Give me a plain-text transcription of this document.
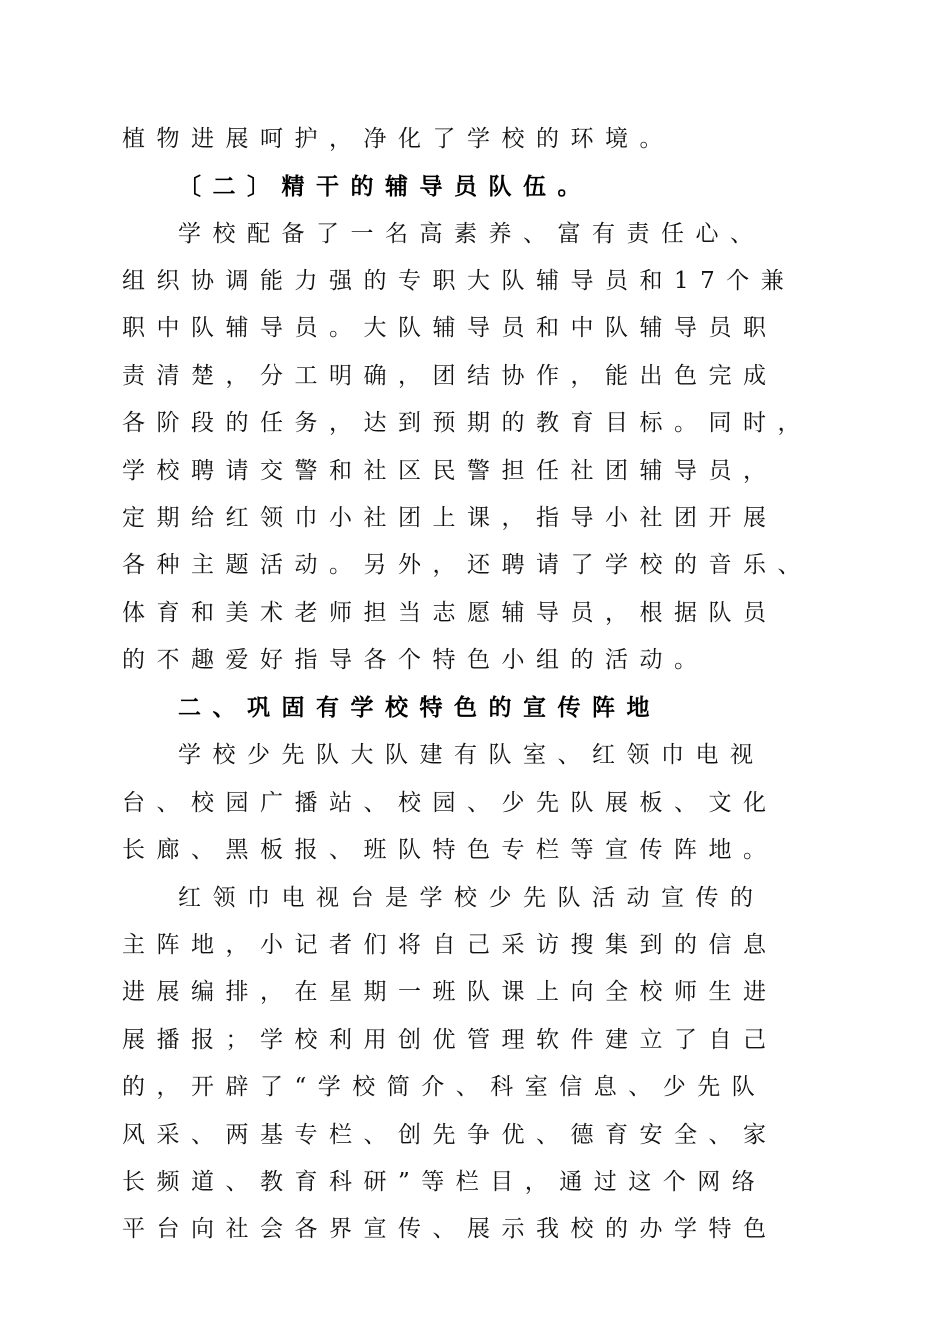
植物进展呵护，净化了学校的环境。
〔二〕精干的辅导员队伍。
学校配备了一名高素养、富有责任心、
组织协调能力强的专职大队辅导员和17个兼
职中队辅导员。大队辅导员和中队辅导员职
责清楚，分工明确，团结协作，能出色完成
各阶段的任务，达到预期的教育目标。同时，
学校聘请交警和社区民警担任社团辅导员，
定期给红领巾小社团上课，指导小社团开展
各种主题活动。另外，还聘请了学校的音乐、
体育和美术老师担当志愿辅导员，根据队员
的不趣爱好指导各个特色小组的活动。
二、巩固有学校特色的宣传阵地
学校少先队大队建有队室、红领巾电视
台、校园广播站、校园、少先队展板、文化
长廊、黑板报、班队特色专栏等宣传阵地。
红领巾电视台是学校少先队活动宣传的
主阵地，小记者们将自己采访搜集到的信息
进展编排，在星期一班队课上向全校师生进
展播报；学校利用创优管理软件建立了自己
的，开辟了“学校简介、科室信息、少先队
风采、两基专栏、创先争优、德育安全、家
长频道、教育科研”等栏目，通过这个网络
平台向社会各界宣传、展示我校的办学特色
